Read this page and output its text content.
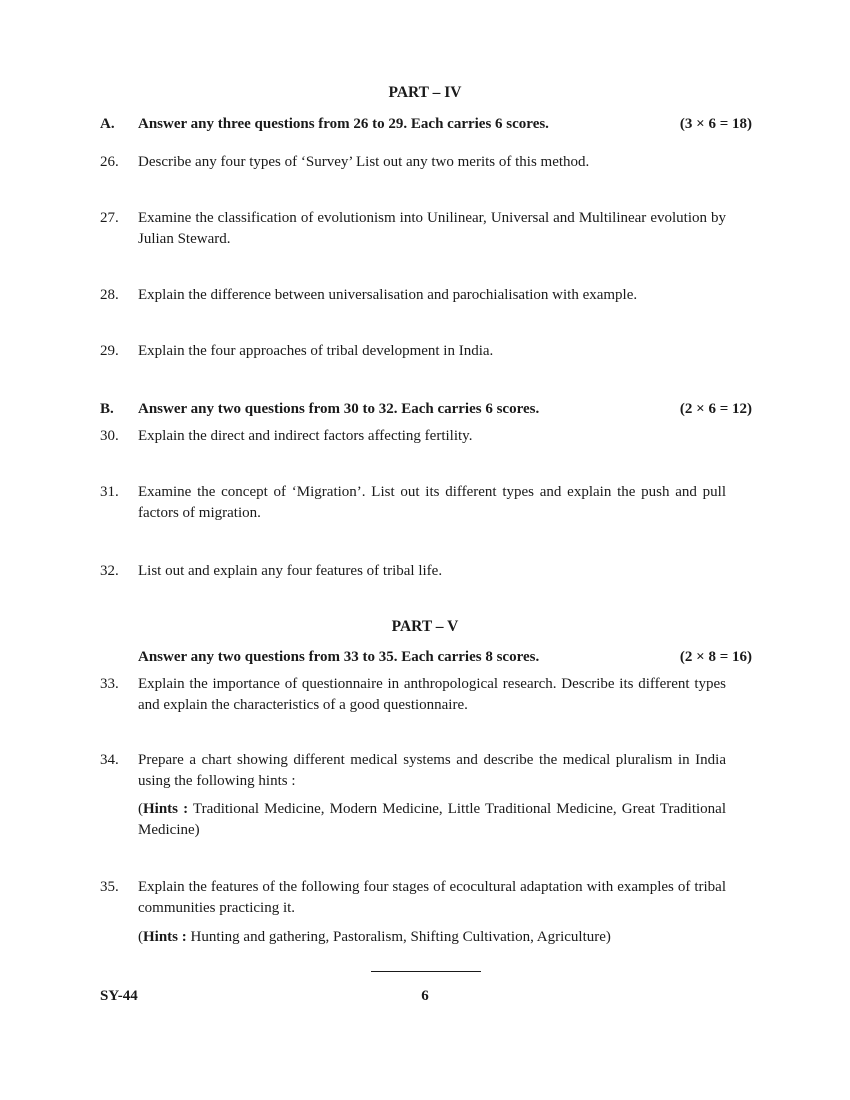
PART – IV
A. Answer any three questions from 26 to 29. Each carries 6 scores.	(3 × 6 = 18)
26. Describe any four types of ‘Survey’ List out any two merits of this method.
27. Examine the classification of evolutionism into Unilinear, Universal and Multilinear evolution by Julian Steward.
28. Explain the difference between universalisation and parochialisation with example.
29. Explain the four approaches of tribal development in India.
B. Answer any two questions from 30 to 32. Each carries 6 scores.	(2 × 6 = 12)
30. Explain the direct and indirect factors affecting fertility.
31. Examine the concept of ‘Migration’. List out its different types and explain the push and pull factors of migration.
32. List out and explain any four features of tribal life.
PART – V
Answer any two questions from 33 to 35. Each carries 8 scores.	(2 × 8 = 16)
33. Explain the importance of questionnaire in anthropological research. Describe its different types and explain the characteristics of a good questionnaire.
34. Prepare a chart showing different medical systems and describe the medical pluralism in India using the following hints :
(Hints : Traditional Medicine, Modern Medicine, Little Traditional Medicine, Great Traditional Medicine)
35. Explain the features of the following four stages of ecocultural adaptation with examples of tribal communities practicing it.
(Hints : Hunting and gathering, Pastoralism, Shifting Cultivation, Agriculture)
SY-44	6
